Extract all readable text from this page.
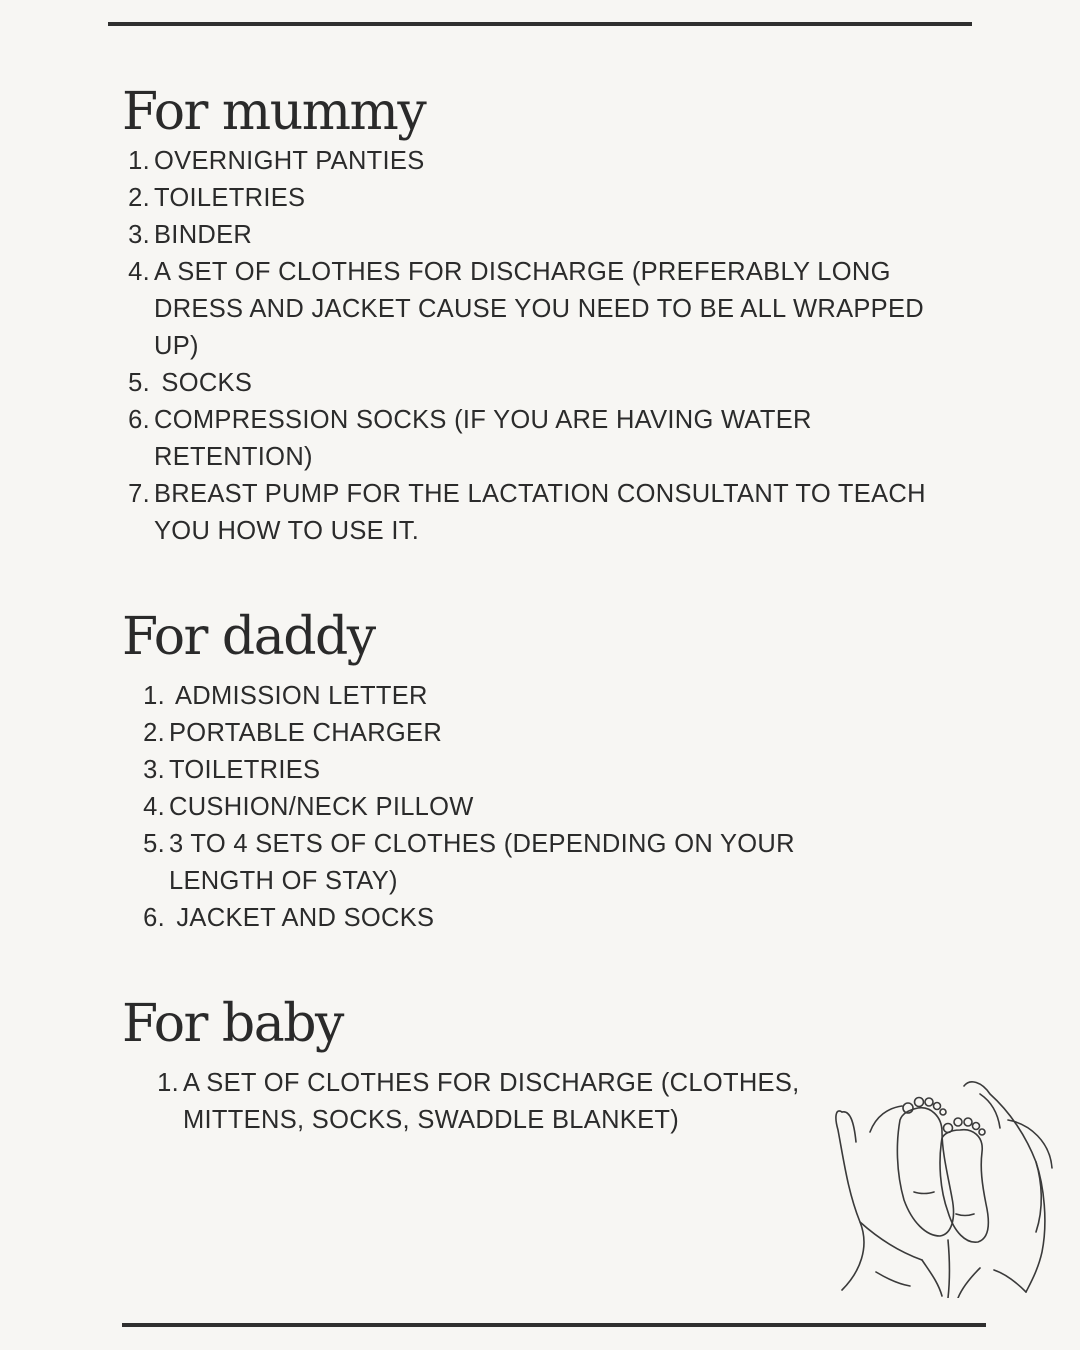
For mummy
1. OVERNIGHT PANTIES
2. TOILETRIES
3. BINDER
4. A SET OF CLOTHES FOR DISCHARGE (PREFERABLY LONG DRESS AND JACKET CAUSE YOU NEED TO BE ALL WRAPPED UP)
5. SOCKS
6. COMPRESSION SOCKS (IF YOU ARE HAVING WATER RETENTION)
7. BREAST PUMP FOR THE LACTATION CONSULTANT TO TEACH YOU HOW TO USE IT.
For daddy
1. ADMISSION LETTER
2. PORTABLE CHARGER
3. TOILETRIES
4. CUSHION/NECK PILLOW
5. 3 TO 4 SETS OF CLOTHES (DEPENDING ON YOUR LENGTH OF STAY)
6. JACKET AND SOCKS
For baby
1. A SET OF CLOTHES FOR DISCHARGE (CLOTHES, MITTENS, SOCKS, SWADDLE BLANKET)
